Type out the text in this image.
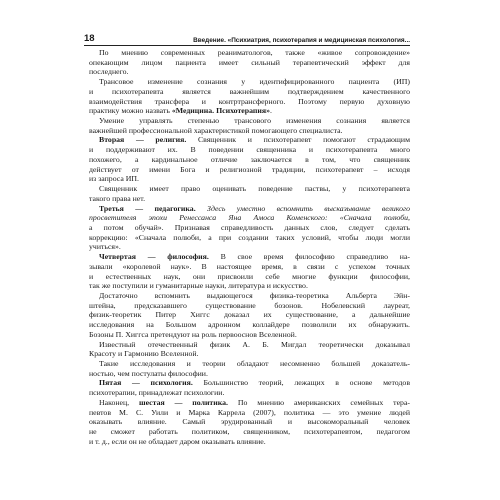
18	Введение. «Психиатрия, психотерапия и медицинская психология...
По мнению современных реаниматологов, также «живое сопровождение»
опекающим лицом пациента имеет сильный терапевтический эффект для
последнего.
Трансовое изменение сознания у идентифицированного пациента (ИП)
и психотерапевта является важнейшим подтверждением качественного
взаимодействия трансфера и контртрансферного. Поэтому первую духовную
практику можно назвать «Медицина. Психотерапия».
Умение управлять степенью трансового изменения сознания является
важнейшей профессиональной характеристикой помогающего специалиста.
Вторая — религия. Священник и психотерапевт помогают страдающим
и поддерживают их. В поведении священника и психотерапевта много
похожего, а кардинальное отличие заключается в том, что священник
действует от имени Бога и религиозной традиции, психотерапевт – исходя
из запроса ИП.
Священник имеет право оценивать поведение паствы, у психотерапевта
такого права нет.
Третья — педагогика. Здесь уместно вспомнить высказывание великого
просветителя эпохи Ренессанса Яна Амоса Коменского: «Сначала полюби,
а потом обучай». Признавая справедливость данных слов, следует сделать
коррекцию: «Сначала полюби, а при создании таких условий, чтобы люди могли
учиться».
Четвертая — философия. В свое время философию справедливо на-
зывали «королевой наук». В настоящее время, в связи с успехом точных
и естественных наук, они присвоили себе многие функции философии,
так же поступили и гуманитарные науки, литература и искусство.
Достаточно вспомнить выдающегося физика-теоретика Альберта Эйн-
штейна, предсказавшего существование бозонов. Нобелевский лауреат,
физик-теоретик Питер Хиггс доказал их существование, а дальнейшие
исследования на Большом адронном коллайдере позволили их обнаружить.
Бозоны П. Хиггса претендуют на роль первооснов Вселенной.
Известный отечественный физик А. Б. Мигдал теоретически доказывал
Красоту и Гармонию Вселенной.
Такие исследования и теории обладают несомненно большей доказатель-
ностью, чем постулаты философии.
Пятая — психология. Большинство теорий, лежащих в основе методов
психотерапии, принадлежат психологии.
Наконец, шестая — политика. По мнению американских семейных тера-
певтов М. С. Уили и Марка Каррела (2007), политика — это умение людей
оказывать влияние. Самый эрудированный и высокоморальный человек
не сможет работать политиком, священником, психотерапевтом, педагогом
и т. д., если он не обладает даром оказывать влияние.
